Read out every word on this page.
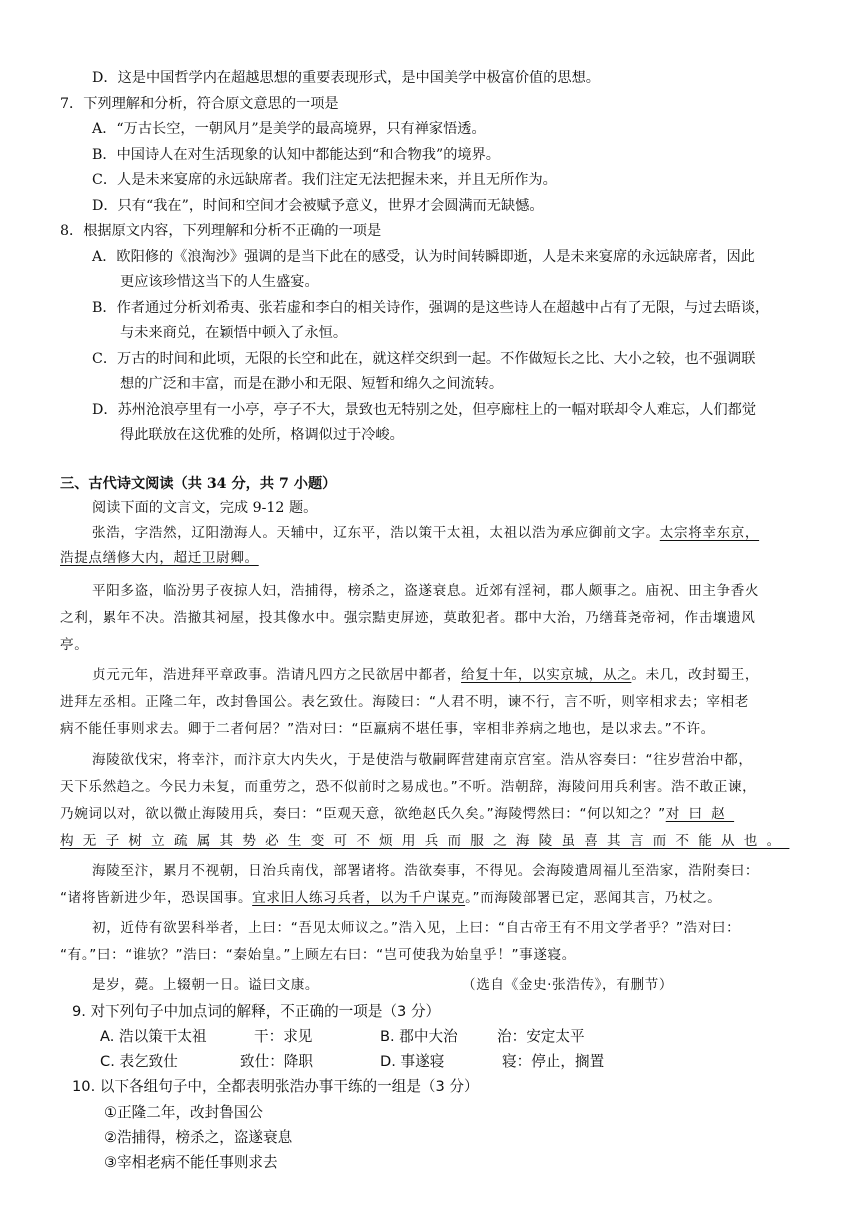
D．这是中国哲学内在超越思想的重要表现形式，是中国美学中极富价值的思想。
7．下列理解和分析，符合原文意思的一项是
A．“万古长空，一朝风月”是美学的最高境界，只有禅家悟透。
B．中国诗人在对生活现象的认知中都能达到“和合物我”的境界。
C．人是未来宴席的永远缺席者。我们注定无法把握未来，并且无所作为。
D．只有“我在”，时间和空间才会被赋予意义，世界才会圆满而无缺憾。
8．根据原文内容，下列理解和分析不正确的一项是
A．欧阳修的《浪淘沙》强调的是当下此在的感受，认为时间转瞬即逝，人是未来宴席的永远缺席者，因此
更应该珍惜这当下的人生盛宴。
B．作者通过分析刘希夷、张若虚和李白的相关诗作，强调的是这些诗人在超越中占有了无限，与过去晤谈，
与未来商兑，在颖悟中顿入了永恒。
C．万古的时间和此顷，无限的长空和此在，就这样交织到一起。不作做短长之比、大小之较，也不强调联
想的广泛和丰富，而是在渺小和无限、短暂和绵久之间流转。
D．苏州沧浪亭里有一小亭，亭子不大，景致也无特别之处，但亭廊柱上的一幅对联却令人难忘，人们都觉
得此联放在这优雅的处所，格调似过于冷峻。
三、古代诗文阅读（共 34 分，共 7 小题）
阅读下面的文言文，完成 9-12 题。
张浩，字浩然，辽阳渤海人。天辅中，辽东平，浩以策干太祖，太祖以浩为承应御前文字。太宗将幸东京，
浩提点缮修大内，超迁卫尉卿。
平阳多盗，临汾男子夜掠人妇，浩捕得，榜杀之，盗遂衰息。近郊有淫祠，郡人颇事之。庙祝、田主争香火
之利，累年不决。浩撤其祠屋，投其像水中。强宗黠吏屏迹，莫敢犯者。郡中大治，乃缮葺尧帝祠，作击壤遗风
亭。
贞元元年，浩进拜平章政事。浩请凡四方之民欲居中都者，给复十年，以实京城，从之。未几，改封蜀王，
进拜左丞相。正隆二年，改封鲁国公。表乞致仕。海陵曰：“人君不明，谏不行，言不听，则宰相求去；宰相老
病不能任事则求去。卿于二者何居？”浩对曰：“臣羸病不堪任事，宰相非养病之地也，是以求去。”不许。
海陵欲伐宋，将幸汴，而汴京大内失火，于是使浩与敬嗣晖营建南京宫室。浩从容奏曰：“往岁营治中都，
天下乐然趋之。今民力未复，而重劳之，恐不似前时之易成也。”不听。浩朝辞，海陵问用兵利害。浩不敢正谏，
乃婉词以对，欲以微止海陵用兵，奏曰：“臣观天意，欲绝赵氏久矣。”海陵愕然曰：“何以知之？”对曰赵
构无子树立疏属其势必生变可不烦用兵而服之海陵虽喜其言而不能从也。
海陵至汴，累月不视朝，日治兵南伐，部署诸将。浩欲奏事，不得见。会海陵遣周福儿至浩家，浩附奏曰：
“诸将皆新进少年，恐误国事。宜求旧人练习兵者，以为千户谋克。”而海陵部署已定，恶闻其言，乃杖之。
初，近侍有欲罢科举者，上曰：“吾见太师议之。”浩入见，上曰：“自古帝王有不用文学者乎？”浩对曰：
“有。”曰：“谁欤？”浩曰：“秦始皇。”上顾左右曰：“岂可使我为始皇乎！”事遂寝。
是岁，薨。上辍朝一日。谥曰文康。	（选自《金史·张浩传》，有删节）
9. 对下列句子中加点词的解释，不正确的一项是（3 分）
A. 浩以策干太祖	干：求见	B. 郡中大治	治：安定太平
C. 表乞致仕	致仕：降职	D. 事遂寝	寝：停止，搁置
10. 以下各组句子中，全都表明张浩办事干练的一组是（3 分）
①正隆二年，改封鲁国公
②浩捕得，榜杀之，盗遂衰息
③宰相老病不能任事则求去
